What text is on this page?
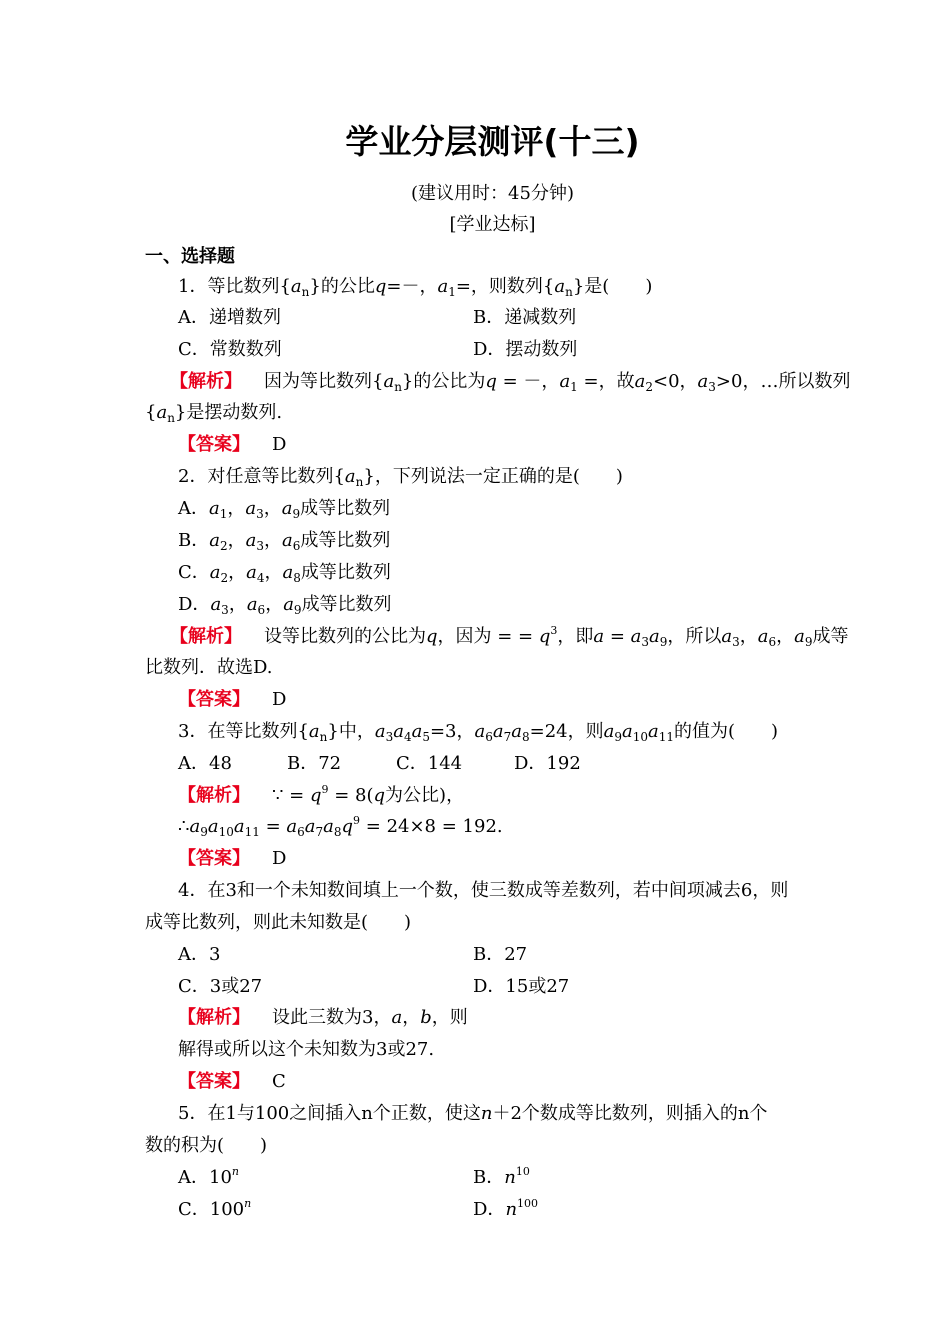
学业分层测评(十三)
(建议用时：45分钟)
[学业达标]
一、选择题
1．等比数列$\{a_n\}$的公比q=－，$a_1=$，则数列$\{a_n\}$是(　　)
A．递增数列	B．递减数列
C．常数数列	D．摆动数列
【解析】 因为等比数列$\{a_n\}$的公比为q = －，$a_1$ =，故$a_2<0$，$a_3>0$，…所以数列
$\{a_n\}$是摆动数列.
【答案】 D
2．对任意等比数列$\{a_n\}$，下列说法一定正确的是(　　)
A．$a_1$，$a_3$，$a_9$成等比数列
B．$a_2$，$a_3$，$a_6$成等比数列
C．$a_2$，$a_4$，$a_8$成等比数列
D．$a_3$，$a_6$，$a_9$成等比数列
【解析】 设等比数列的公比为q，因为 = = $q^3$，即$a = a_3a_9$，所以$a_3$，$a_6$，$a_9$成等
比数列．故选D.
【答案】 D
3．在等比数列$\{a_n\}$中，$a_3a_4a_5=3$，$a_6a_7a_8=24$，则$a_9a_{10}a_{11}$的值为(　　)
A．48	B．72	C．144	D．192
【解析】 ∵ = $q^9 = 8(q$为公比)，
$\therefore a_9a_{10}a_{11} = a_6a_7a_8q^9 = 24\times 8 = 192$.
【答案】 D
4．在3和一个未知数间填上一个数，使三数成等差数列，若中间项减去6，则
成等比数列，则此未知数是(　　)
A．3	B．27
C．3或27	D．15或27
【解析】 设此三数为3，a，b，则
解得或所以这个未知数为3或27.
【答案】 C
5．在1与100之间插入n个正数，使这n＋2个数成等比数列，则插入的n个
数的积为(　　)
A．10$^n$	B．$n^{10}$
C．100$^n$	D．$n^{100}$
